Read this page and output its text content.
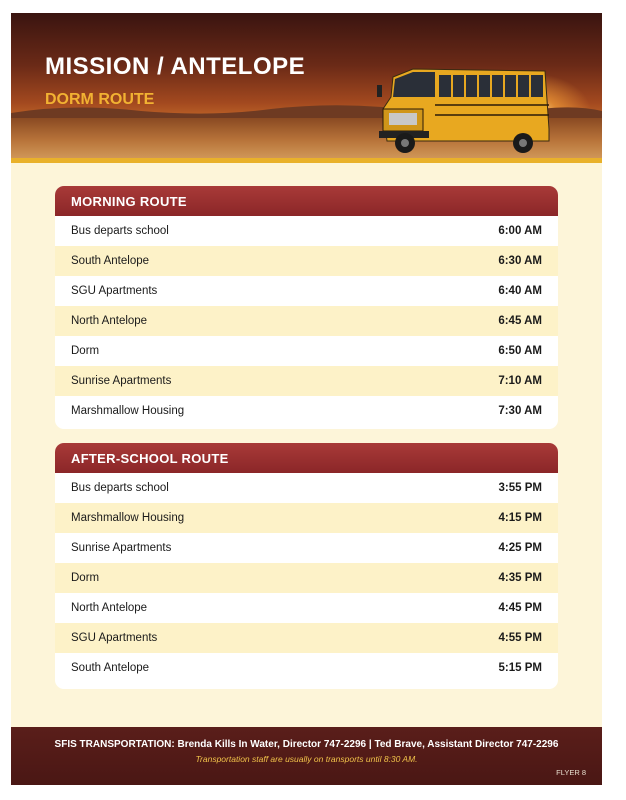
MISSION / ANTELOPE
DORM ROUTE
MORNING ROUTE
Bus departs school	6:00 AM
South Antelope	6:30 AM
SGU Apartments	6:40 AM
North Antelope	6:45 AM
Dorm	6:50 AM
Sunrise Apartments	7:10 AM
Marshmallow Housing	7:30 AM
AFTER-SCHOOL ROUTE
Bus departs school	3:55 PM
Marshmallow Housing	4:15 PM
Sunrise Apartments	4:25 PM
Dorm	4:35 PM
North Antelope	4:45 PM
SGU Apartments	4:55 PM
South Antelope	5:15 PM
SFIS TRANSPORTATION: Brenda Kills In Water, Director 747-2296 | Ted Brave, Assistant Director 747-2296
Transportation staff are usually on transports until 8:30 AM.
FLYER 8
